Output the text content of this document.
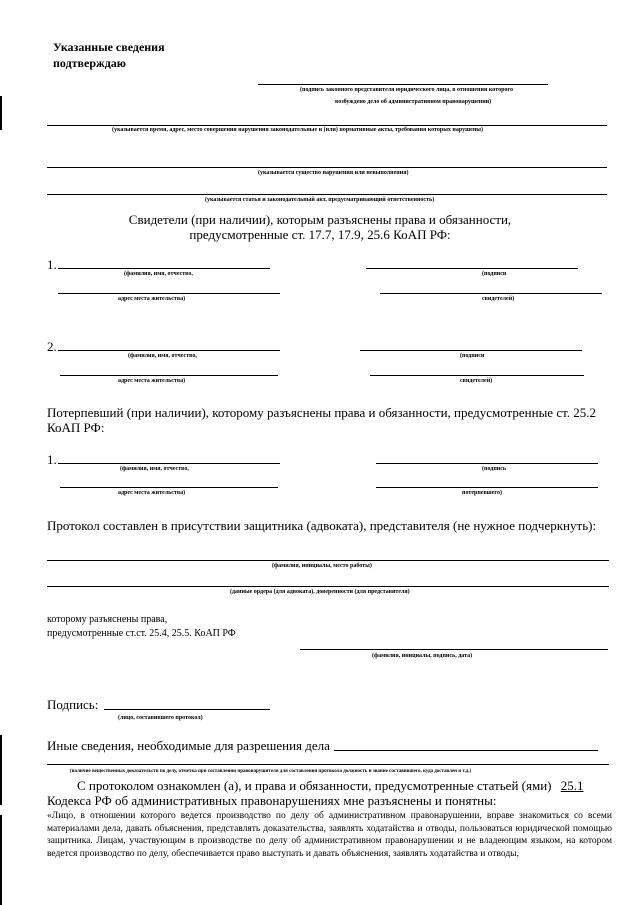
Указанные сведения
подтверждаю
(подпись законного представителя юридического лица, в отношении которого
возбуждено дело об административном правонарушении)
(указывается время, адрес, место совершения нарушения законодательные и (или) нормативные акты, требования которых нарушены)
(указывается существо нарушения или невыполнения)
(указывается статья и законодательный акт, предусматривающий ответственность)
Свидетели (при наличии), которым разъяснены права и обязанности,
предусмотренные ст. 17.7, 17.9, 25.6 КоАП РФ:
1.
(фамилия, имя, отчество,	(подписи
адрес места жительства)	свидетелей)
2.
(фамилия, имя, отчество,	(подписи
адрес места жительства)	свидетелей)
Потерпевший (при наличии), которому разъяснены права и обязанности, предусмотренные ст. 25.2 КоАП РФ:
1.
(фамилия, имя, отчество,	(подпись
адрес места жительства)	потерпевшего)
Протокол составлен в присутствии защитника (адвоката), представителя (не нужное подчеркнуть):
(фамилия, инициалы, место работы)
(данные ордера (для адвоката), доверенности (для представителя)
которому разъяснены права,
предусмотренные ст.ст. 25.4, 25.5. КоАП РФ
(фамилия, инициалы, подпись, дата)
Подпись:
(лицо, составившего протокол)
Иные сведения, необходимые для разрешения дела
(наличие вещественных доказательств по делу, отметка при составлении правонарушителя для составления протокола должность и звание составившего, куда доставлен и т.д.)
С протоколом ознакомлен (а), и права и обязанности, предусмотренные статьей (ями) 25.1
Кодекса РФ об административных правонарушениях мне разъяснены и понятны:
«Лицо, в отношении которого ведется производство по делу об административном правонарушении, вправе знакомиться со всеми материалами дела, давать объяснения, представлять доказательства, заявлять ходатайства и отводы, пользоваться юридической помощью защитника. Лицам, участвующим в производстве по делу об административном правонарушении и не владеющим языком, на котором ведется производство по делу, обеспечивается право выступать и давать объяснения, заявлять ходатайства и отводы,
